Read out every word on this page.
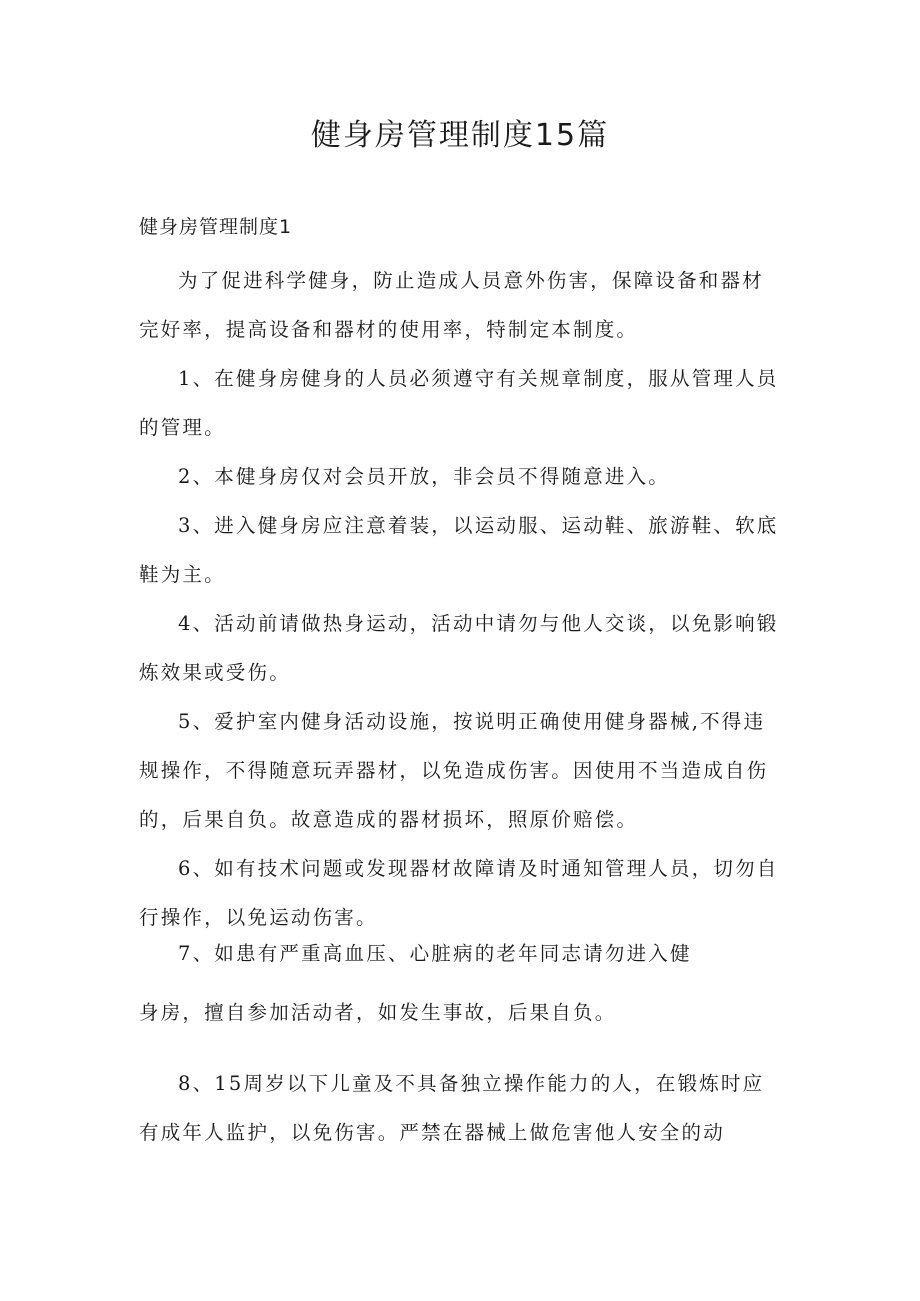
健身房管理制度15篇
健身房管理制度1

为了促进科学健身，防止造成人员意外伤害，保障设备和器材完好率，提高设备和器材的使用率，特制定本制度。

1、在健身房健身的人员必须遵守有关规章制度，服从管理人员的管理。

2、本健身房仅对会员开放，非会员不得随意进入。

3、进入健身房应注意着装，以运动服、运动鞋、旅游鞋、软底鞋为主。

4、活动前请做热身运动，活动中请勿与他人交谈，以免影响锻炼效果或受伤。

5、爱护室内健身活动设施，按说明正确使用健身器械,不得违规操作，不得随意玩弄器材，以免造成伤害。因使用不当造成自伤的，后果自负。故意造成的器材损坏，照原价赔偿。

6、如有技术问题或发现器材故障请及时通知管理人员，切勿自行操作，以免运动伤害。

7、如患有严重高血压、心脏病的老年同志请勿进入健

身房，擅自参加活动者，如发生事故，后果自负。

8、15周岁以下儿童及不具备独立操作能力的人，在锻炼时应有成年人监护，以免伤害。严禁在器械上做危害他人安全的动
